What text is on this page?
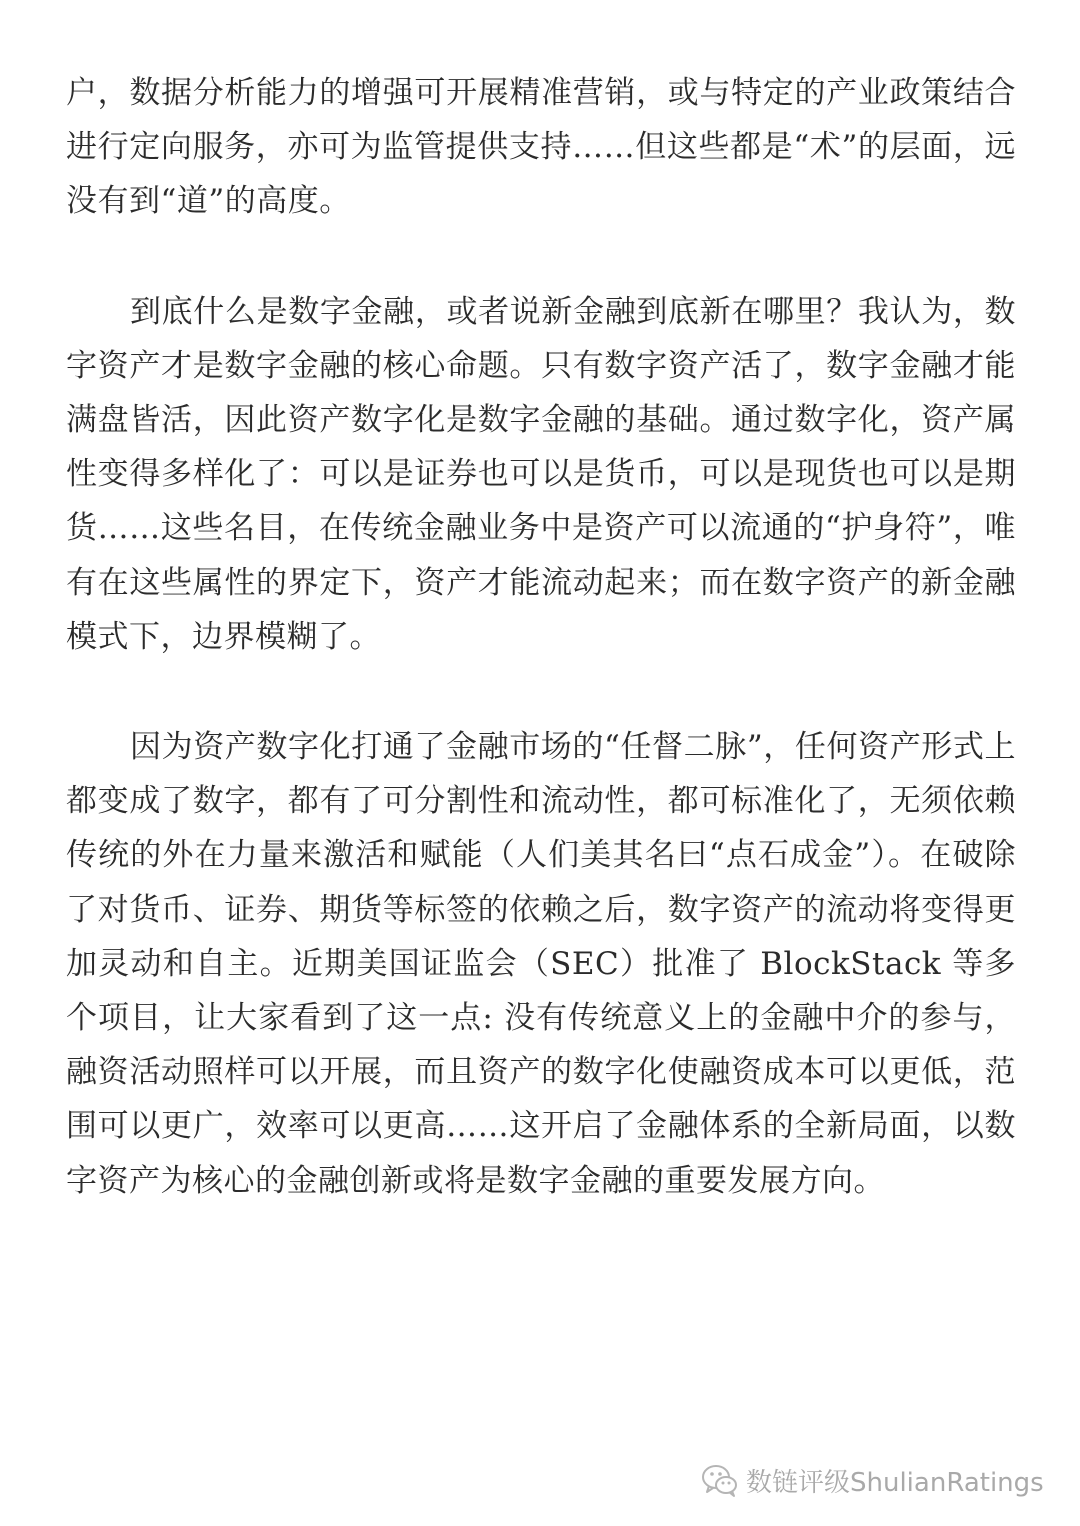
户，数据分析能力的增强可开展精准营销，或与特定的产业政策结合进行定向服务，亦可为监管提供支持……但这些都是“术”的层面，远没有到“道”的高度。

到底什么是数字金融，或者说新金融到底新在哪里？我认为，数字资产才是数字金融的核心命题。只有数字资产活了，数字金融才能满盘皆活，因此资产数字化是数字金融的基础。通过数字化，资产属性变得多样化了：可以是证券也可以是货币，可以是现货也可以是期货……这些名目，在传统金融业务中是资产可以流通的“护身符”，唯有在这些属性的界定下，资产才能流动起来；而在数字资产的新金融模式下，边界模糊了。

因为资产数字化打通了金融市场的“任督二脉”，任何资产形式上都变成了数字，都有了可分割性和流动性，都可标准化了，无须依赖传统的外在力量来激活和赋能（人们美其名曰“点石成金”）。在破除了对货币、证券、期货等标签的依赖之后，数字资产的流动将变得更加灵动和自主。近期美国证监会（SEC）批准了 BlockStack 等多个项目，让大家看到了这一点: 没有传统意义上的金融中介的参与，融资活动照样可以开展，而且资产的数字化使融资成本可以更低，范围可以更广，效率可以更高……这开启了金融体系的全新局面，以数字资产为核心的金融创新或将是数字金融的重要发展方向。

数链评级ShulianRatings
